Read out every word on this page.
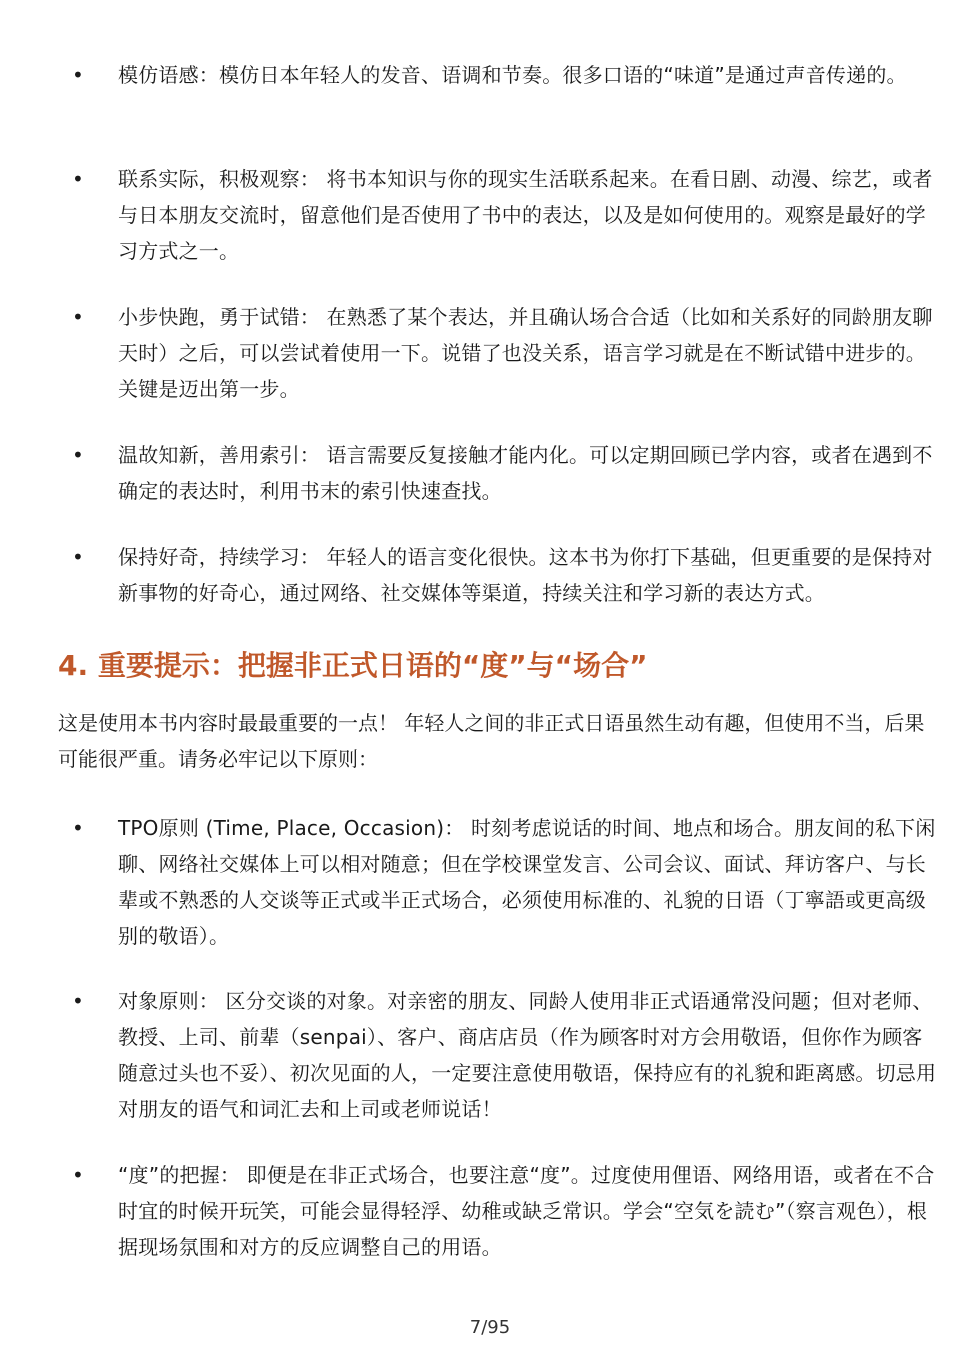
• 模仿语感：模仿日本年轻人的发音、语调和节奏。很多口语的“味道”是通过声音传递的。
• 联系实际，积极观察： 将书本知识与你的现实生活联系起来。在看日剧、动漫、综艺，或者与日本朋友交流时，留意他们是否使用了书中的表达，以及是如何使用的。观察是最好的学习方式之一。
• 小步快跑，勇于试错： 在熟悉了某个表达，并且确认场合合适（比如和关系好的同龄朋友聊天时）之后，可以尝试着使用一下。说错了也没关系，语言学习就是在不断试错中进步的。关键是迈出第一步。
• 温故知新，善用索引： 语言需要反复接触才能内化。可以定期回顾已学内容，或者在遇到不确定的表达时，利用书末的索引快速查找。
• 保持好奇，持续学习： 年轻人的语言变化很快。这本书为你打下基础，但更重要的是保持对新事物的好奇心，通过网络、社交媒体等渠道，持续关注和学习新的表达方式。
4. 重要提示：把握非正式日语的“度”与“场合”

这是使用本书内容时最最重要的一点！ 年轻人之间的非正式日语虽然生动有趣，但使用不当，后果可能很严重。请务必牢记以下原则：

• TPO原则 (Time, Place, Occasion)： 时刻考虑说话的时间、地点和场合。朋友间的私下闲聊、网络社交媒体上可以相对随意；但在学校课堂发言、公司会议、面试、拜访客户、与长辈或不熟悉的人交谈等正式或半正式场合，必须使用标准的、礼貌的日语（丁寧語或更高级别的敬语）。
• 对象原则： 区分交谈的对象。对亲密的朋友、同龄人使用非正式语通常没问题；但对老师、教授、上司、前辈（senpai）、客户、商店店员（作为顾客时对方会用敬语，但你作为顾客随意过头也不妥）、初次见面的人，一定要注意使用敬语，保持应有的礼貌和距离感。切忌用对朋友的语气和词汇去和上司或老师说话！
• “度”的把握： 即便是在非正式场合，也要注意“度”。过度使用俚语、网络用语，或者在不合时宜的时候开玩笑，可能会显得轻浮、幼稚或缺乏常识。学会“空気を読む”（察言观色），根据现场氛围和对方的反应调整自己的用语。
7/95
